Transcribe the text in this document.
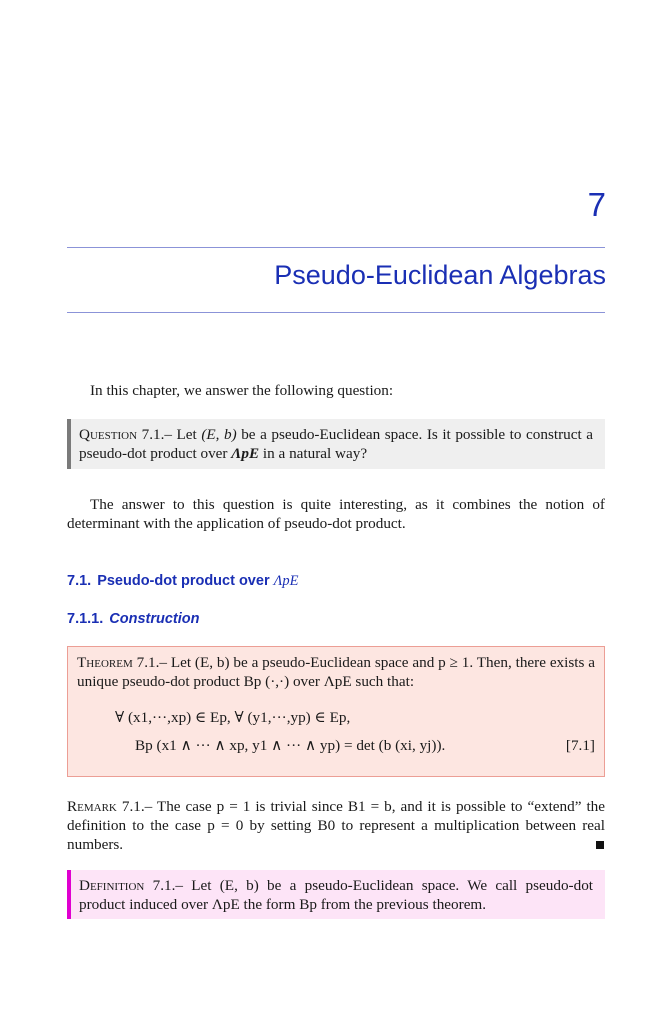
7
Pseudo-Euclidean Algebras
In this chapter, we answer the following question:
Question 7.1.– Let (E, b) be a pseudo-Euclidean space. Is it possible to construct a pseudo-dot product over ΛpE in a natural way?
The answer to this question is quite interesting, as it combines the notion of determinant with the application of pseudo-dot product.
7.1. Pseudo-dot product over ΛpE
7.1.1. Construction
Theorem 7.1.– Let (E, b) be a pseudo-Euclidean space and p ≥ 1. Then, there exists a unique pseudo-dot product Bp (·,·) over ΛpE such that:
∀ (x1,···,xp) ∈ Ep, ∀ (y1,···,yp) ∈ Ep,
Bp (x1 ∧ ··· ∧ xp, y1 ∧ ··· ∧ yp) = det (b (xi, yj)).	[7.1]
Remark 7.1.– The case p = 1 is trivial since B1 = b, and it is possible to “extend” the definition to the case p = 0 by setting B0 to represent a multiplication between real numbers.
Definition 7.1.– Let (E, b) be a pseudo-Euclidean space. We call pseudo-dot product induced over ΛpE the form Bp from the previous theorem.
